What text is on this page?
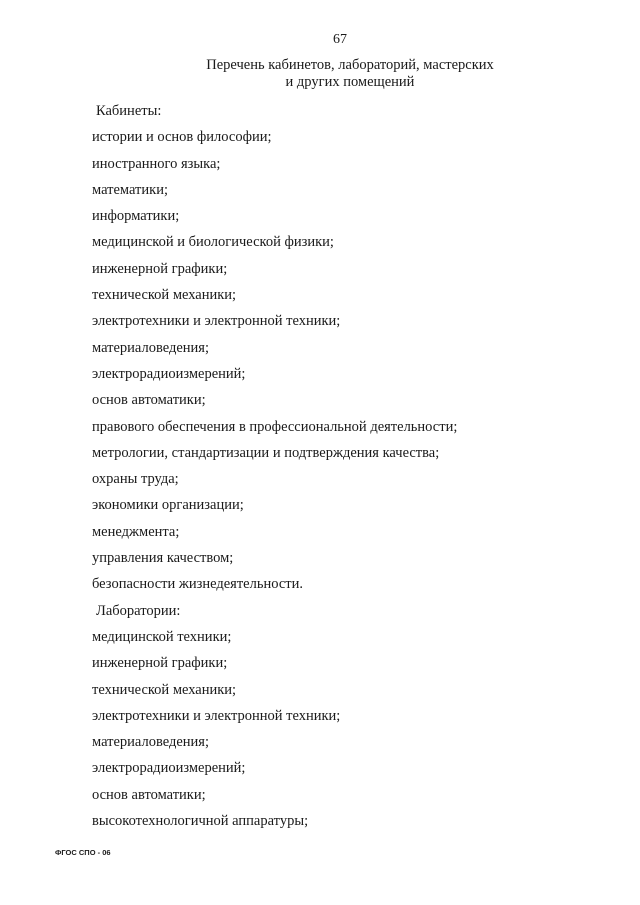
67
Перечень кабинетов, лабораторий, мастерских
и других помещений
Кабинеты:
истории и основ философии;
иностранного языка;
математики;
информатики;
медицинской и биологической физики;
инженерной графики;
технической механики;
электротехники и электронной техники;
материаловедения;
электрорадиоизмерений;
основ автоматики;
правового обеспечения в профессиональной деятельности;
метрологии, стандартизации и подтверждения качества;
охраны труда;
экономики организации;
менеджмента;
управления качеством;
безопасности жизнедеятельности.
Лаборатории:
медицинской техники;
инженерной графики;
технической механики;
электротехники и электронной техники;
материаловедения;
электрорадиоизмерений;
основ автоматики;
высокотехнологичной аппаратуры;
ФГОС СПО - 06
